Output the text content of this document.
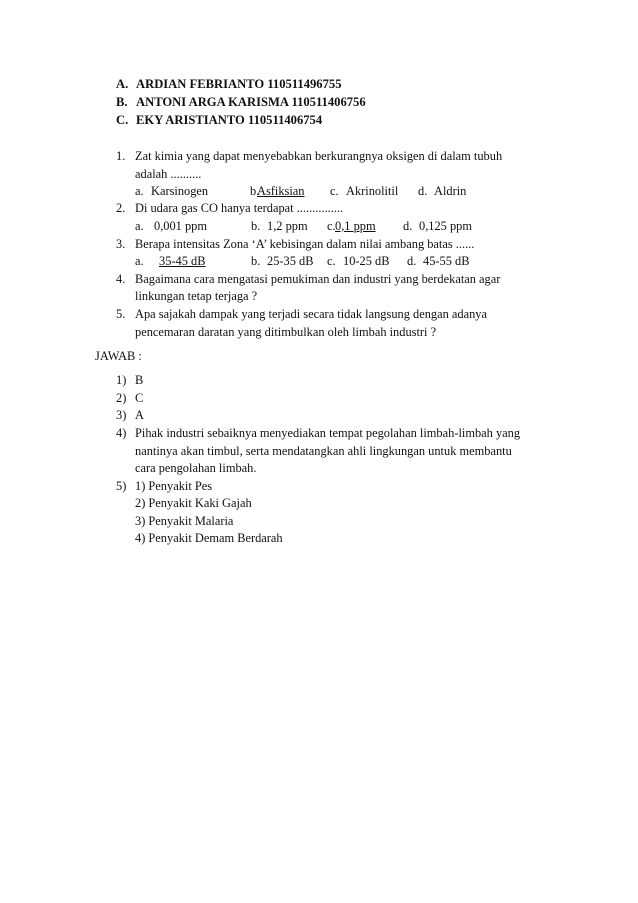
A. ARDIAN FEBRIANTO 110511496755
B. ANTONI ARGA KARISMA 110511406756
C. EKY ARISTIANTO 110511406754
1. Zat kimia yang dapat menyebabkan berkurangnya oksigen di dalam tubuh
adalah ..........
a. Karsinogen	b.
Asfiksian c. Akrinolitil d. Aldrin
2. Di udara gas CO hanya terdapat ...............
a. 0,001 ppm	b. 1,2 ppm c. 0,1 ppm d. 0,125 ppm
3. Berapa intensitas Zona ‘A’ kebisingan dalam nilai ambang batas ......
a. 35-45 dB	b. 25-35 dB c. 10-25 dB d. 45-55 dB
4. Bagaimana cara mengatasi pemukiman dan industri yang berdekatan agar
linkungan tetap terjaga ?
5. Apa sajakah dampak yang terjadi secara tidak langsung dengan adanya
pencemaran daratan yang ditimbulkan oleh limbah industri ?
JAWAB :
1) B
2) C
3) A
4) Pihak industri sebaiknya menyediakan tempat pegolahan limbah-limbah yang
nantinya akan timbul, serta mendatangkan ahli lingkungan untuk membantu
cara pengolahan limbah.
5) 1) Penyakit Pes
2) Penyakit Kaki Gajah
3) Penyakit Malaria
4) Penyakit Demam Berdarah
